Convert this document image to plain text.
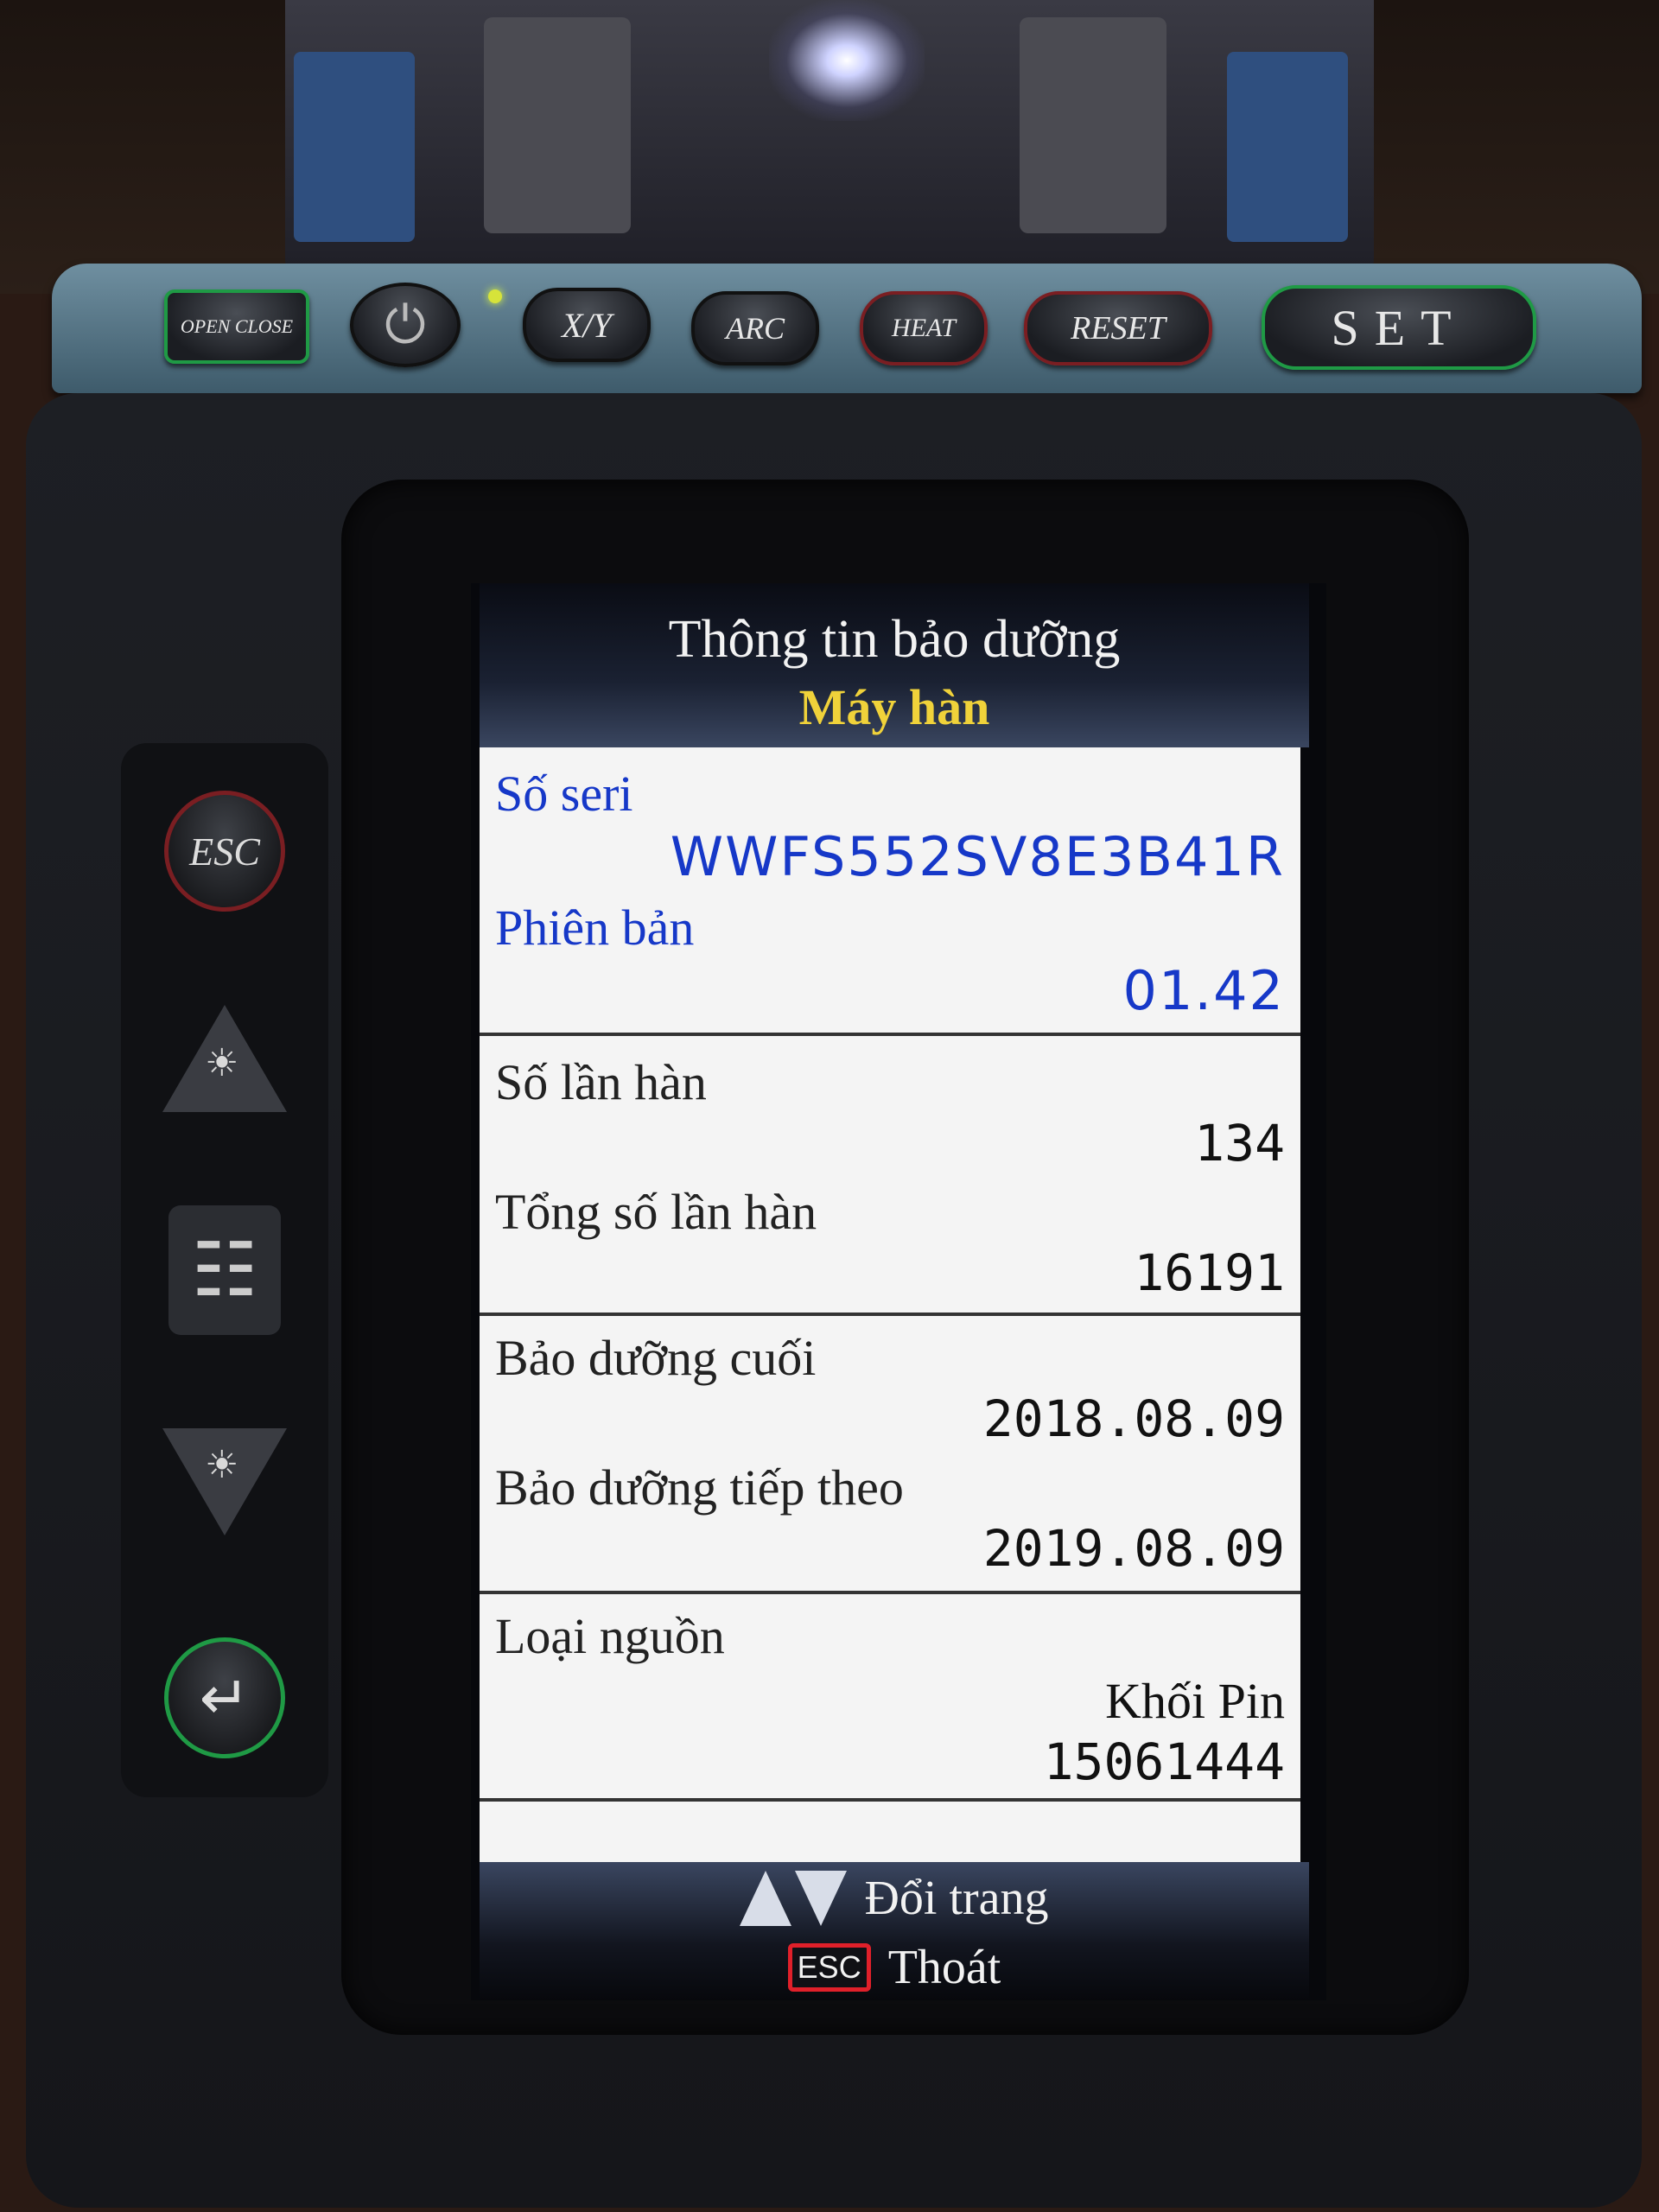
OPEN CLOSE	⏻	X/Y	ARC	HEAT	RESET	SET
ESC
☀
☷
☀
↵
Thông tin bảo dưỡng
Máy hàn
Số seri
WWFS552SV8E3B41R
Phiên bản
01.42
Số lần hàn
134
Tổng số lần hàn
16191
Bảo dưỡng cuối
2018.08.09
Bảo dưỡng tiếp theo
2019.08.09
Loại nguồn
Khối Pin
15061444
Đổi trang
ESC Thoát
